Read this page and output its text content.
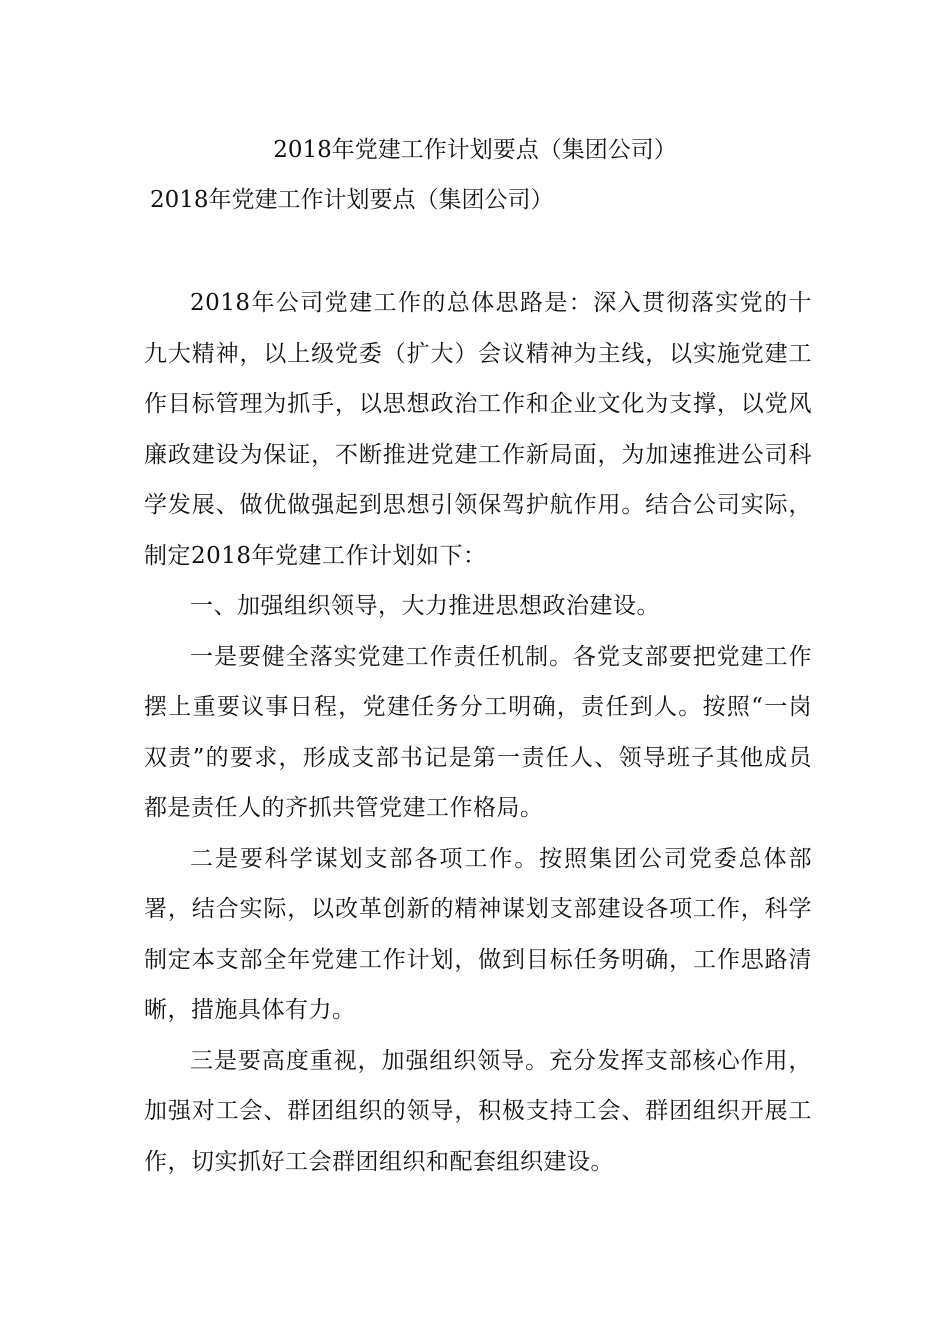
2018年党建工作计划要点（集团公司）
2018年党建工作计划要点（集团公司）

2018年公司党建工作的总体思路是：深入贯彻落实党的十九大精神，以上级党委（扩大）会议精神为主线，以实施党建工作目标管理为抓手，以思想政治工作和企业文化为支撑，以党风廉政建设为保证，不断推进党建工作新局面，为加速推进公司科学发展、做优做强起到思想引领保驾护航作用。结合公司实际，制定2018年党建工作计划如下：

一、加强组织领导，大力推进思想政治建设。

一是要健全落实党建工作责任机制。各党支部要把党建工作摆上重要议事日程，党建任务分工明确，责任到人。按照“一岗双责”的要求，形成支部书记是第一责任人、领导班子其他成员都是责任人的齐抓共管党建工作格局。

二是要科学谋划支部各项工作。按照集团公司党委总体部署，结合实际，以改革创新的精神谋划支部建设各项工作，科学制定本支部全年党建工作计划，做到目标任务明确，工作思路清晰，措施具体有力。

三是要高度重视，加强组织领导。充分发挥支部核心作用，加强对工会、群团组织的领导，积极支持工会、群团组织开展工作，切实抓好工会群团组织和配套组织建设。
